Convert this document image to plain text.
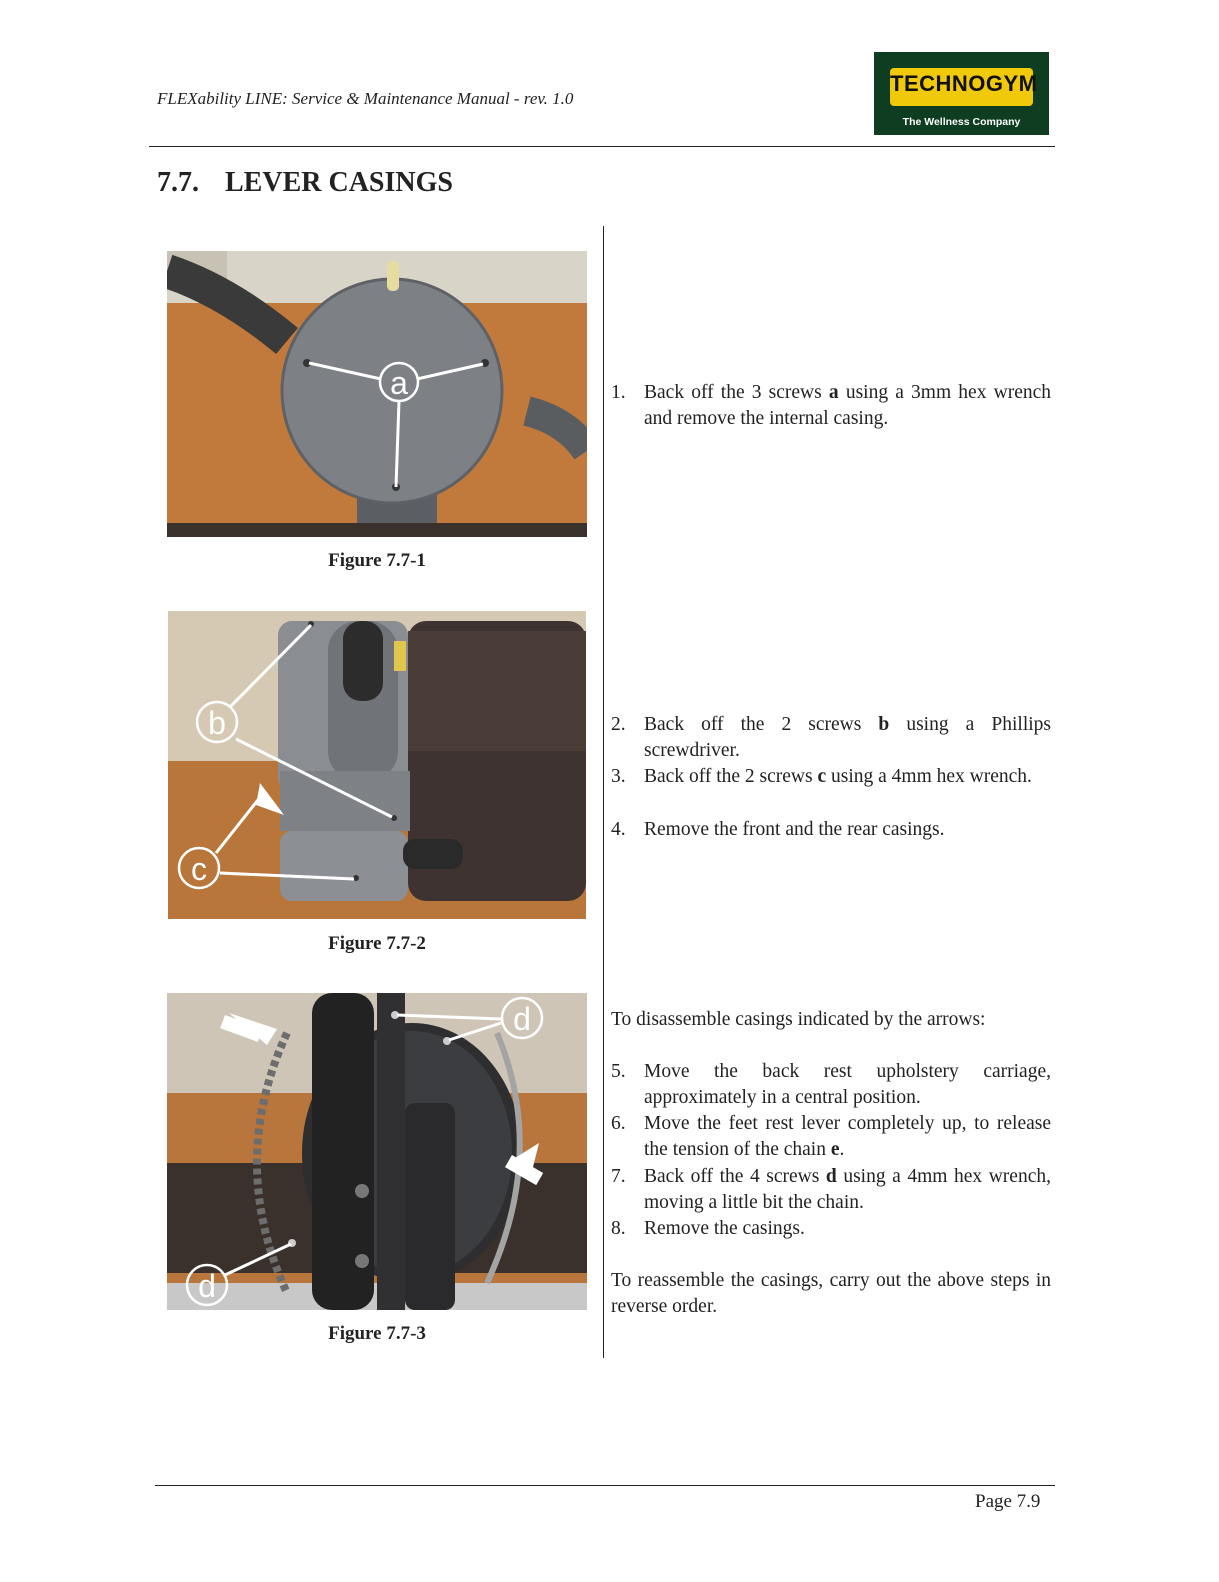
FLEXability LINE: Service & Maintenance Manual - rev. 1.0
TECHNOGYM
The Wellness Company
7.7. LEVER CASINGS
a
Figure 7.7-1
b
c
Figure 7.7-2
d
d
Figure 7.7-3
1. Back off the 3 screws a using a 3mm hex wrench and remove the internal casing.
2. Back off the 2 screws b using a Phillips screwdriver.
3. Back off the 2 screws c using a 4mm hex wrench.
4. Remove the front and the rear casings.
To disassemble casings indicated by the arrows:
5. Move the back rest upholstery carriage, approximately in a central position.
6. Move the feet rest lever completely up, to release the tension of the chain e.
7. Back off the 4 screws d using a 4mm hex wrench, moving a little bit the chain.
8. Remove the casings.
To reassemble the casings, carry out the above steps in reverse order.
Page 7.9
